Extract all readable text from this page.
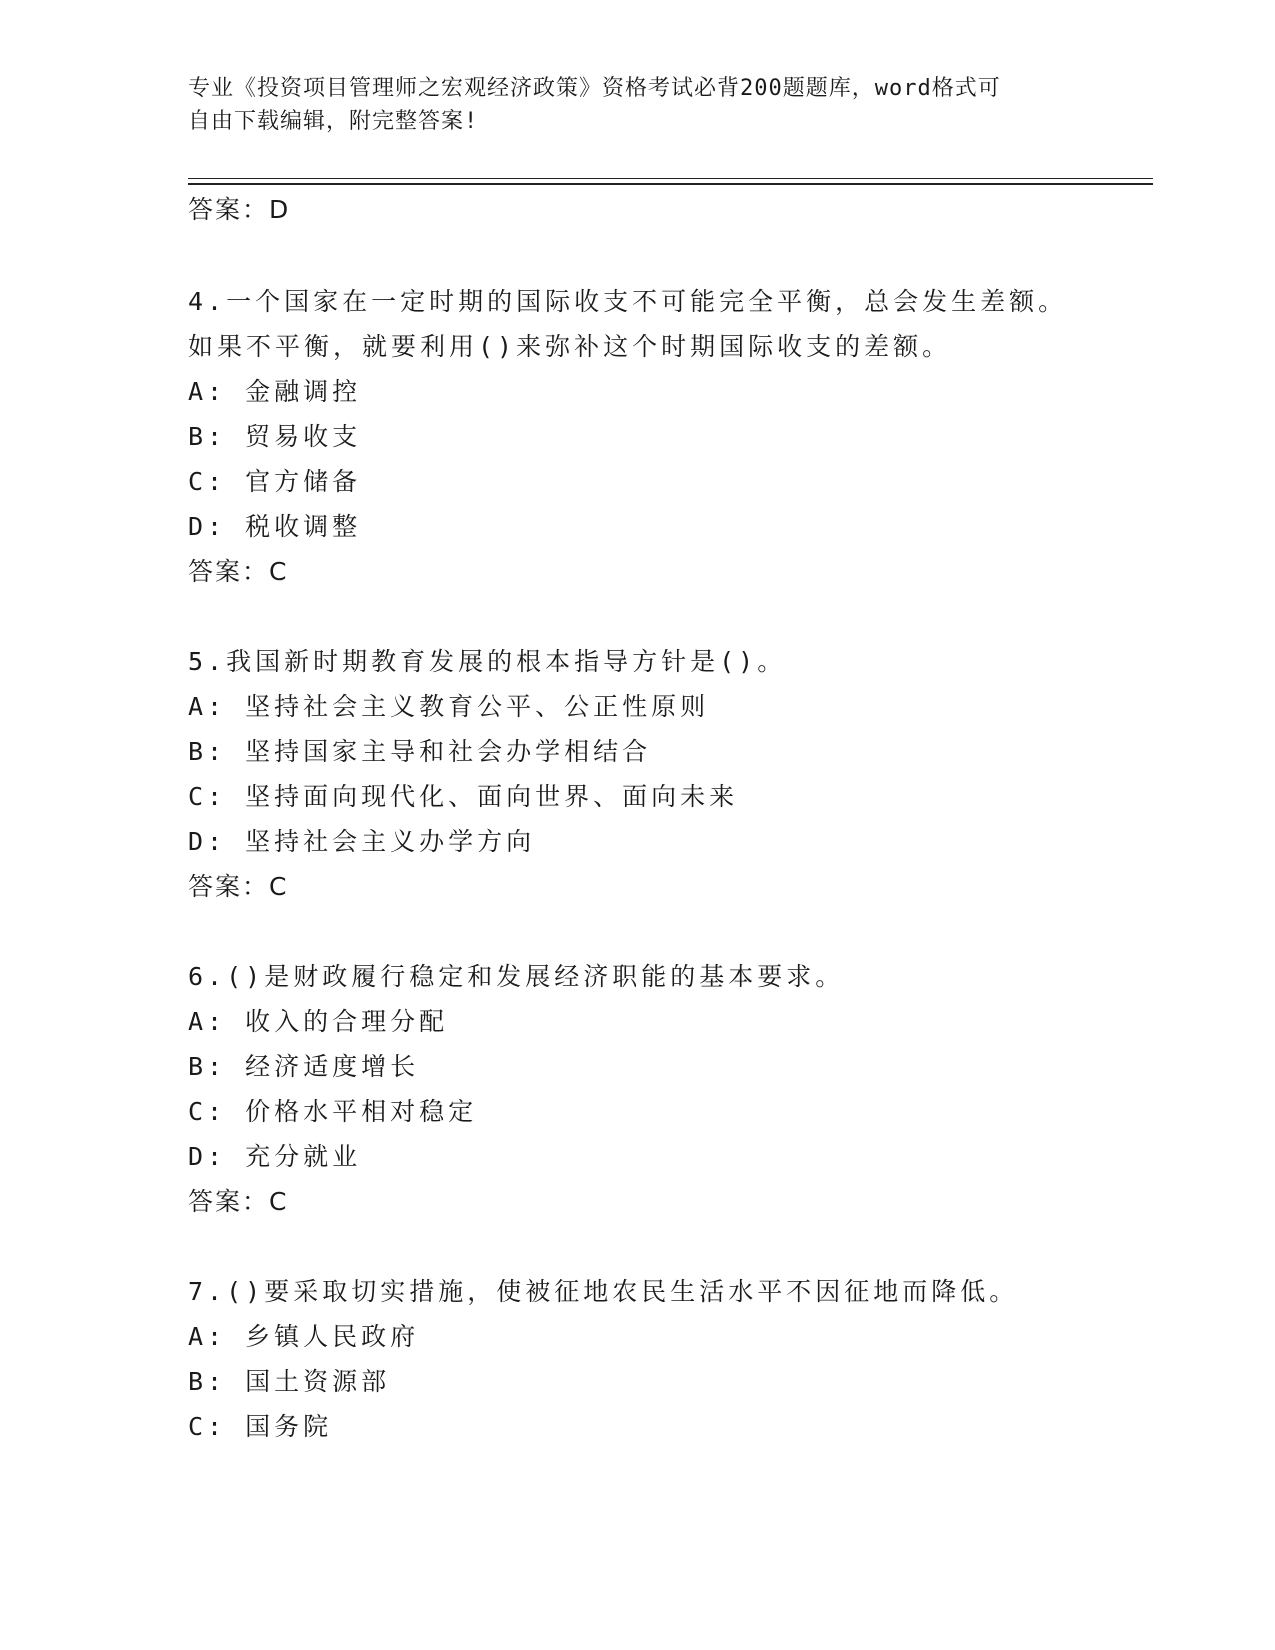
专业《投资项目管理师之宏观经济政策》资格考试必背200题题库，word格式可
自由下载编辑，附完整答案!
答案：D
4.一个国家在一定时期的国际收支不可能完全平衡，总会发生差额。
如果不平衡，就要利用()来弥补这个时期国际收支的差额。
A: 金融调控
B: 贸易收支
C: 官方储备
D: 税收调整
答案：C
5.我国新时期教育发展的根本指导方针是()。
A: 坚持社会主义教育公平、公正性原则
B: 坚持国家主导和社会办学相结合
C: 坚持面向现代化、面向世界、面向未来
D: 坚持社会主义办学方向
答案：C
6.()是财政履行稳定和发展经济职能的基本要求。
A: 收入的合理分配
B: 经济适度增长
C: 价格水平相对稳定
D: 充分就业
答案：C
7.()要采取切实措施，使被征地农民生活水平不因征地而降低。
A: 乡镇人民政府
B: 国土资源部
C: 国务院
